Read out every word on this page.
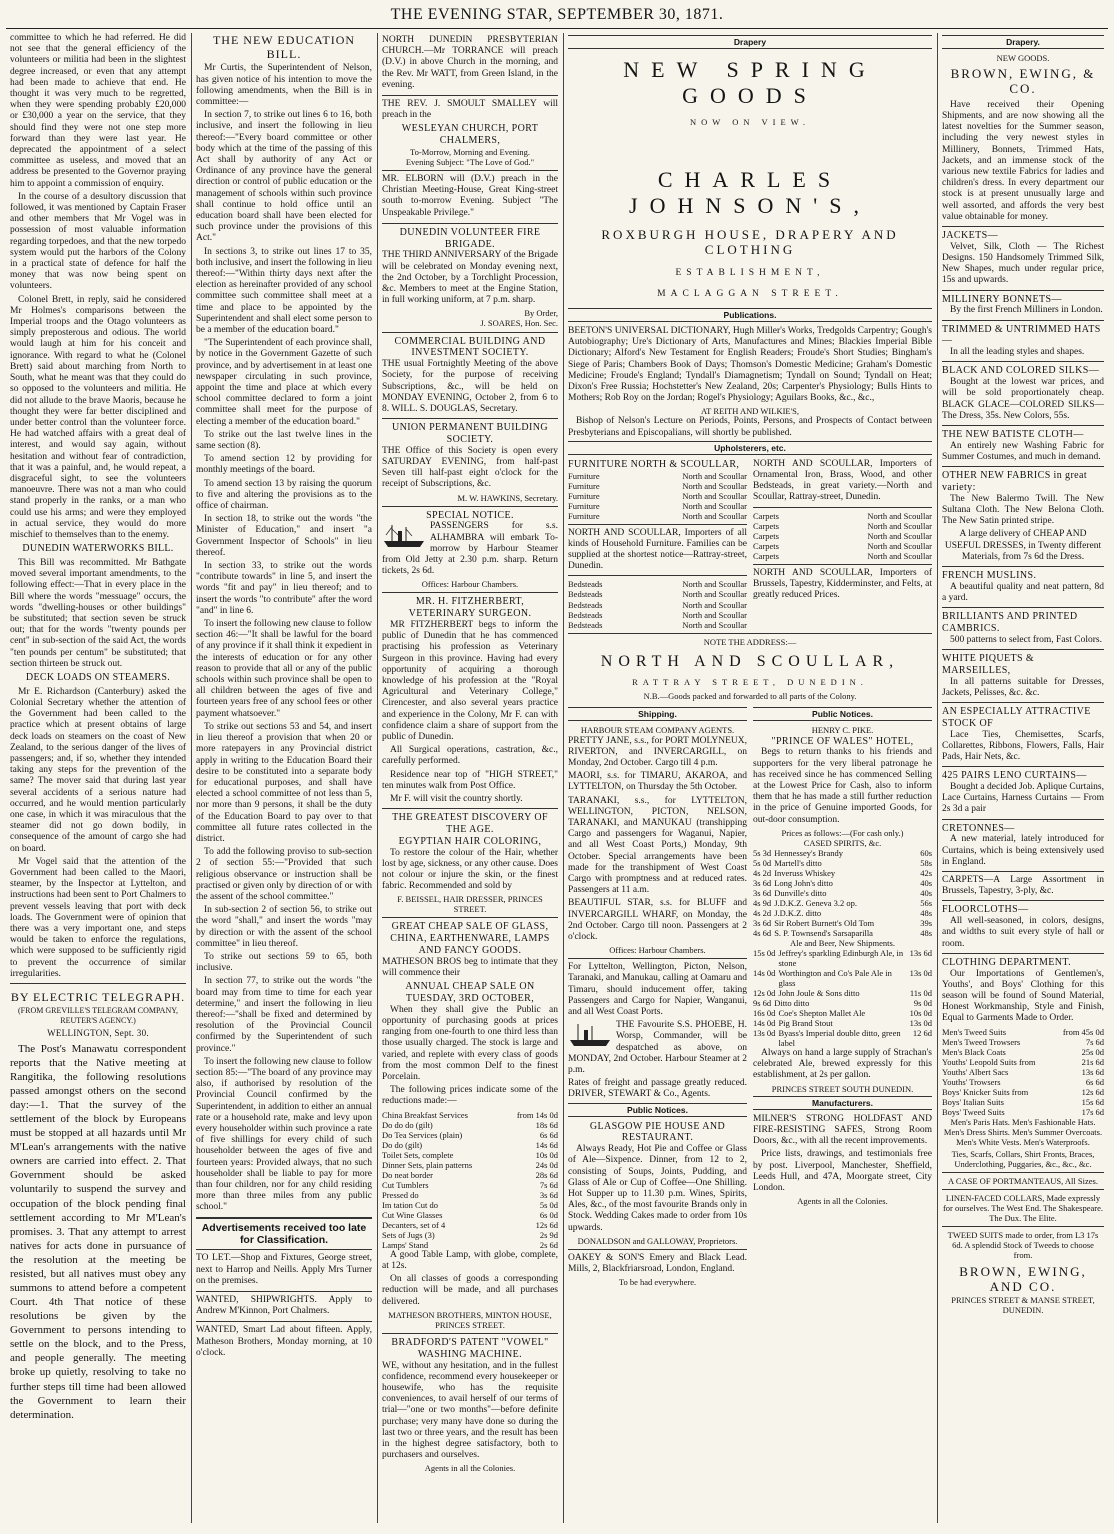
THE EVENING STAR, SEPTEMBER 30, 1871.

committee to which he had referred. He did not see that the general efficiency of the volunteers or militia had been in the slightest degree increased, or even that any attempt had been made to achieve that end. He thought it was very much to be regretted, when they were spending probably £20,000 or £30,000 a year on the service, that they should find they were not one step more forward than they were last year. He deprecated the appointment of a select committee as useless, and moved that an address be presented to the Governor praying him to appoint a commission of enquiry.

In the course of a desultory discussion that followed, it was mentioned by Captain Fraser and other members that Mr Vogel was in possession of most valuable information regarding torpedoes, and that the new torpedo system would put the harbors of the Colony in a practical state of defence for half the money that was now being spent on volunteers.

Colonel Brett, in reply, said he considered Mr Holmes's comparisons between the Imperial troops and the Otago volunteers as simply preposterous and odious. The world would laugh at him for his conceit and ignorance. With regard to what he (Colonel Brett) said about marching from North to South, what he meant was that they could do so opposed to the volunteers and militia. He did not allude to the brave Maoris, because he thought they were far better disciplined and under better control than the volunteer force. He had watched affairs with a great deal of interest, and would say again, without hesitation and without fear of contradiction, that it was a painful, and, he would repeat, a disgraceful sight, to see the volunteers manoeuvre. There was not a man who could stand properly in the ranks, or a man who could use his arms; and were they employed in actual service, they would do more mischief to themselves than to the enemy.

DUNEDIN WATERWORKS BILL.

This Bill was recommitted. Mr Bathgate moved several important amendments, to the following effect:—That in every place in the Bill where the words "messuage" occurs, the words "dwelling-houses or other buildings" be substituted; that section seven be struck out; that for the words "twenty pounds per cent" in sub-section of the said Act, the words "ten pounds per centum" be substituted; that section thirteen be struck out.

DECK LOADS ON STEAMERS.

Mr E. Richardson (Canterbury) asked the Colonial Secretary whether the attention of the Government had been called to the practice which at present obtains of large deck loads on steamers on the coast of New Zealand, to the serious danger of the lives of passengers; and, if so, whether they intended taking any steps for the prevention of the same? The mover said that during last year several accidents of a serious nature had occurred, and he would mention particularly one case, in which it was miraculous that the steamer did not go down bodily, in consequence of the amount of cargo she had on board.

Mr Vogel said that the attention of the Government had been called to the Maori, steamer, by the Inspector at Lyttelton, and instructions had been sent to Port Chalmers to prevent vessels leaving that port with deck loads. The Government were of opinion that there was a very important one, and steps would be taken to enforce the regulations, which were supposed to be sufficiently rigid to prevent the occurrence of similar irregularities.

BY ELECTRIC TELEGRAPH.
(FROM GREVILLE'S TELEGRAM COMPANY, REUTER'S AGENCY.)
WELLINGTON, Sept. 30.

The Post's Manawatu correspondent reports that the Native meeting at Rangitika, the following resolutions passed amongst others on the second day:—1. That the survey of the settlement of the block by Europeans must be stopped at all hazards until Mr M'Lean's arrangements with the native owners are carried into effect. 2. That Government should be asked voluntarily to suspend the survey and occupation of the block pending final settlement according to Mr M'Lean's promises. 3. That any attempt to arrest natives for acts done in pursuance of the resolution at the meeting be resisted, but all natives must obey any summons to attend before a competent Court. 4th That notice of these resolutions be given by the Government to persons intending to settle on the block, and to the Press, and people generally. The meeting broke up quietly, resolving to take no further steps till time had been allowed the Government to learn their determination.

THE NEW EDUCATION BILL.

Mr Curtis, the Superintendent of Nelson, has given notice of his intention to move the following amendments, when the Bill is in committee:—

In section 7, to strike out lines 6 to 16, both inclusive, and insert the following in lieu thereof:—"Every board committee or other body which at the time of the passing of this Act shall by authority of any Act or Ordinance of any province have the general direction or control of public education or the management of schools within such province shall continue to hold office until an education board shall have been elected for such province under the provisions of this Act."

In sections 3, to strike out lines 17 to 35, both inclusive, and insert the following in lieu thereof:—"Within thirty days next after the election as hereinafter provided of any school committee such committee shall meet at a time and place to be appointed by the Superintendent and shall elect some person to be a member of the education board."

"The Superintendent of each province shall, by notice in the Government Gazette of such province, and by advertisement in at least one newspaper circulating in such province, appoint the time and place at which every school committee declared to form a joint committee shall meet for the purpose of electing a member of the education board."

To strike out the last twelve lines in the same section (8).

To amend section 12 by providing for monthly meetings of the board.

To amend section 13 by raising the quorum to five and altering the provisions as to the office of chairman.

In section 18, to strike out the words "the Minister of Education," and insert "a Government Inspector of Schools" in lieu thereof.

In section 33, to strike out the words "contribute towards" in line 5, and insert the words "fit and pay" in lieu thereof; and to insert the words "to contribute" after the word "and" in line 6.

To insert the following new clause to follow section 46:—"It shall be lawful for the board of any province if it shall think it expedient in the interests of education or for any other reason to provide that all or any of the public schools within such province shall be open to all children between the ages of five and fourteen years free of any school fees or other payment whatsoever."

To strike out sections 53 and 54, and insert in lieu thereof a provision that when 20 or more ratepayers in any Provincial district apply in writing to the Education Board their desire to be constituted into a separate body for educational purposes, and shall have elected a school committee of not less than 5, nor more than 9 persons, it shall be the duty of the Education Board to pay over to that committee all future rates collected in the district.

To add the following proviso to sub-section 2 of section 55:—"Provided that such religious observance or instruction shall be practised or given only by direction of or with the assent of the school committee."

In sub-section 2 of section 56, to strike out the word "shall," and insert the words "may by direction or with the assent of the school committee" in lieu thereof.

To strike out sections 59 to 65, both inclusive.

In section 77, to strike out the words "the board may from time to time for each year determine," and insert the following in lieu thereof:—"shall be fixed and determined by resolution of the Provincial Council confirmed by the Superintendent of such province."

To insert the following new clause to follow section 85:—"The board of any province may also, if authorised by resolution of the Provincial Council confirmed by the Superintendent, in addition to either an annual rate or a household rate, make and levy upon every householder within such province a rate of five shillings for every child of such householder between the ages of five and fourteen years: Provided always, that no such householder shall be liable to pay for more than four children, nor for any child residing more than three miles from any public school."

Advertisements received too late for Classification.

TO LET.—Shop and Fixtures, George street, next to Harrop and Neills. Apply Mrs Turner on the premises.

WANTED, SHIPWRIGHTS. Apply to Andrew M'Kinnon, Port Chalmers.

WANTED, Smart Lad about fifteen. Apply, Matheson Brothers, Monday morning, at 10 o'clock.

NORTH DUNEDIN PRESBYTERIAN CHURCH.—Mr TORRANCE will preach (D.V.) in above Church in the morning, and the Rev. Mr WATT, from Green Island, in the evening.

THE REV. J. SMOULT SMALLEY will preach in the

WESLEYAN CHURCH, PORT CHALMERS,
To-Morrow, Morning and Evening.
Evening Subject: "The Love of God."

MR. ELBORN will (D.V.) preach in the Christian Meeting-House, Great King-street south to-morrow Evening. Subject "The Unspeakable Privilege."

DUNEDIN VOLUNTEER FIRE BRIGADE.

THE THIRD ANNIVERSARY of the Brigade will be celebrated on Monday evening next, the 2nd October, by a Torchlight Procession, &c. Members to meet at the Engine Station, in full working uniform, at 7 p.m. sharp.

By Order,
J. SOARES, Hon. Sec.
COMMERCIAL BUILDING AND INVESTMENT SOCIETY.

THE usual Fortnightly Meeting of the above Society, for the purpose of receiving Subscriptions, &c., will be held on MONDAY EVENING, October 2, from 6 to 8. WILL. S. DOUGLAS, Secretary.

UNION PERMANENT BUILDING SOCIETY.

THE Office of this Society is open every SATURDAY EVENING, from half-past Seven till half-past eight o'clock for the receipt of Subscriptions, &c.

M. W. HAWKINS, Secretary.
SPECIAL NOTICE.

PASSENGERS for s.s. ALHAMBRA will embark To-morrow by Harbour Steamer from Old Jetty at 2.30 p.m. sharp. Return tickets, 2s 6d.

Offices: Harbour Chambers.
MR. H. FITZHERBERT, VETERINARY SURGEON.

MR FITZHERBERT begs to inform the public of Dunedin that he has commenced practising his profession as Veterinary Surgeon in this province. Having had every opportunity of acquiring a thorough knowledge of his profession at the "Royal Agricultural and Veterinary College," Cirencester, and also several years practice and experience in the Colony, Mr F. can with confidence claim a share of support from the public of Dunedin.

All Surgical operations, castration, &c., carefully performed.

Residence near top of "HIGH STREET," ten minutes walk from Post Office.

Mr F. will visit the country shortly.

THE GREATEST DISCOVERY OF THE AGE.
EGYPTIAN HAIR COLORING,

To restore the colour of the Hair, whether lost by age, sickness, or any other cause. Does not colour or injure the skin, or the finest fabric. Recommended and sold by

F. BEISSEL, HAIR DRESSER, PRINCES STREET.
GREAT CHEAP SALE OF GLASS, CHINA, EARTHENWARE, LAMPS AND FANCY GOODS.

MATHESON BROS beg to intimate that they will commence their

ANNUAL CHEAP SALE ON TUESDAY, 3RD OCTOBER,

When they shall give the Public an opportunity of purchasing goods at prices ranging from one-fourth to one third less than those usually charged. The stock is large and varied, and replete with every class of goods from the most common Delf to the finest Porcelain.

The following prices indicate some of the reductions made:—

China Breakfast Services	from 14s 0d
Do do do (gilt)	18s 6d
Do Tea Services (plain)	6s 6d
Do do (gilt)	14s 6d
Toilet Sets, complete	10s 0d
Dinner Sets, plain patterns	24s 0d
Do neat border	28s 6d
Cut Tumblers	7s 6d
Pressed do	3s 6d
Im tation Cut do	5s 0d
Cut Wine Glasses	6s 0d
Decanters, set of 4	12s 6d
Sets of Jugs (3)	2s 9d
Lamps' Stand	2s 6d

A good Table Lamp, with globe, complete, at 12s.

On all classes of goods a corresponding reduction will be made, and all purchases delivered.

MATHESON BROTHERS, MINTON HOUSE, PRINCES STREET.
BRADFORD'S PATENT "VOWEL" WASHING MACHINE.

WE, without any hesitation, and in the fullest confidence, recommend every housekeeper or housewife, who has the requisite conveniences, to avail herself of our terms of trial—"one or two months"—before definite purchase; very many have done so during the last two or three years, and the result has been in the highest degree satisfactory, both to purchasers and ourselves.

Agents in all the Colonies.
Drapery
NEW SPRING GOODS
NOW ON VIEW.
CHARLES JOHNSON'S,
ROXBURGH HOUSE, DRAPERY AND CLOTHING
ESTABLISHMENT,
MACLAGGAN STREET.
Publications.

BEETON'S UNIVERSAL DICTIONARY, Hugh Miller's Works, Tredgolds Carpentry; Gough's Autobiography; Ure's Dictionary of Arts, Manufactures and Mines; Blackies Imperial Bible Dictionary; Alford's New Testament for English Readers; Froude's Short Studies; Bingham's Siege of Paris; Chambers Book of Days; Thomson's Domestic Medicine; Graham's Domestic Medicine; Froude's England; Tyndall's Diamagnetism; Tyndall on Sound; Tyndall on Heat; Dixon's Free Russia; Hochstetter's New Zealand, 20s; Carpenter's Physiology; Bulls Hints to Mothers; Rob Roy on the Jordan; Rogel's Physiology; Aguilars Books, &c., &c.,

AT REITH AND WILKIE'S,

Bishop of Nelson's Lecture on Periods, Points, Persons, and Prospects of Contact between Presbyterians and Episcopalians, will shortly be published.

Upholsterers, etc.
FURNITURE NORTH & SCOULLAR,
Furniture	North and Scoullar
Furniture	North and Scoullar
Furniture	North and Scoullar
Furniture	North and Scoullar
Furniture	North and Scoullar

NORTH AND SCOULLAR, Importers of all kinds of Household Furniture. Families can be supplied at the shortest notice—Rattray-street, Dunedin.

Bedsteads	North and Scoullar
Bedsteads	North and Scoullar
Bedsteads	North and Scoullar
Bedsteads	North and Scoullar
Bedsteads	North and Scoullar

NORTH AND SCOULLAR, Importers of Ornamental Iron, Brass, Wood, and other Bedsteads, in great variety.—North and Scoullar, Rattray-street, Dunedin.

Carpets	North and Scoullar
Carpets	North and Scoullar
Carpets	North and Scoullar
Carpets	North and Scoullar
Carpets	North and Scoullar

NORTH AND SCOULLAR, Importers of Brussels, Tapestry, Kidderminster, and Felts, at greatly reduced Prices.

NOTE THE ADDRESS:—
NORTH AND SCOULLAR,
RATTRAY STREET, DUNEDIN.
N.B.—Goods packed and forwarded to all parts of the Colony.
Shipping.
HARBOUR STEAM COMPANY AGENTS.

PRETTY JANE, s.s., for PORT MOLYNEUX, RIVERTON, and INVERCARGILL, on Monday, 2nd October. Cargo till 4 p.m.

MAORI, s.s. for TIMARU, AKAROA, and LYTTELTON, on Thursday the 5th October.

TARANAKI, s.s., for LYTTELTON, WELLINGTON, PICTON, NELSON, TARANAKI, and MANUKAU (transhipping Cargo and passengers for Waganui, Napier, and all West Coast Ports,) Monday, 9th October. Special arrangements have been made for the transhipment of West Coast Cargo with promptness and at reduced rates. Passengers at 11 a.m.

BEAUTIFUL STAR, s.s. for BLUFF and INVERCARGILL WHARF, on Monday, the 2nd October. Cargo till noon. Passengers at 2 o'clock.

Offices: Harbour Chambers.

For Lyttelton, Wellington, Picton, Nelson, Taranaki, and Manukau, calling at Oamaru and Timaru, should inducement offer, taking Passengers and Cargo for Napier, Wanganui, and all West Coast Ports.

THE Favourite S.S. PHOEBE, H. Worsp, Commander, will be despatched as above, on MONDAY, 2nd October. Harbour Steamer at 2 p.m.

Rates of freight and passage greatly reduced. DRIVER, STEWART & Co., Agents.

Public Notices.
GLASGOW PIE HOUSE AND RESTAURANT.

Always Ready, Hot Pie and Coffee or Glass of Ale—Sixpence. Dinner, from 12 to 2, consisting of Soups, Joints, Pudding, and Glass of Ale or Cup of Coffee—One Shilling. Hot Supper up to 11.30 p.m. Wines, Spirits, Ales, &c., of the most favourite Brands only in Stock. Wedding Cakes made to order from 10s upwards.

DONALDSON and GALLOWAY, Proprietors.

OAKEY & SON'S Emery and Black Lead. Mills, 2, Blackfriarsroad, London, England.

To be had everywhere.
Public Notices.
HENRY C. PIKE.
"PRINCE OF WALES" HOTEL,

Begs to return thanks to his friends and supporters for the very liberal patronage he has received since he has commenced Selling at the Lowest Price for Cash, also to inform them that he has made a still further reduction in the price of Genuine imported Goods, for out-door consumption.

Prices as follows:—(For cash only.)
CASED SPIRITS, &c.
5s 3d Hennessey's Brandy	60s
5s 0d Martell's ditto	58s
4s 2d Inveruss Whiskey	42s
3s 6d Long John's ditto	40s
3s 6d Dunville's ditto	40s
4s 9d J.D.K.Z. Geneva 3.2 op.	56s
4s 2d J.D.K.Z. ditto	48s
3s 6d Sir Robert Burnett's Old Tom	39s
4s 6d S. P. Townsend's Sarsaparilla	48s
Ale and Beer, New Shipments.
15s 0d Jeffrey's sparkling Edinburgh Ale, in stone
13s 6d
14s 0d Worthington and Co's Pale Ale in glass
13s 0d
12s 0d John Joule & Sons ditto	11s 0d
9s 6d Ditto ditto	9s 0d
16s 0d Coe's Shepton Mallet Ale	10s 0d
14s 0d Pig Brand Stout	13s 0d
13s 0d Byass's Imperial double ditto, green label
12 6d

Always on hand a large supply of Strachan's celebrated Ale, brewed expressly for this establishment, at 2s per gallon.

PRINCES STREET SOUTH DUNEDIN.
Manufacturers.

MILNER'S STRONG HOLDFAST AND FIRE-RESISTING SAFES, Strong Room Doors, &c., with all the recent improvements.

Price lists, drawings, and testimonials free by post. Liverpool, Manchester, Sheffield, Leeds Hull, and 47A, Moorgate street, City London.

Agents in all the Colonies.
Drapery.
NEW GOODS.
BROWN, EWING, & CO.

Have received their Opening Shipments, and are now showing all the latest novelties for the Summer season, including the very newest styles in Millinery, Bonnets, Trimmed Hats, Jackets, and an immense stock of the various new textile Fabrics for ladies and children's dress. In every department our stock is at present unusually large and well assorted, and affords the very best value obtainable for money.

JACKETS—

Velvet, Silk, Cloth — The Richest Designs. 150 Handsomely Trimmed Silk, New Shapes, much under regular price, 15s and upwards.

MILLINERY BONNETS—

By the first French Milliners in London.

TRIMMED & UNTRIMMED HATS—

In all the leading styles and shapes.

BLACK AND COLORED SILKS—

Bought at the lowest war prices, and will be sold proportionately cheap. BLACK GLACE—COLORED SILKS—The Dress, 35s. New Colors, 55s.

THE NEW BATISTE CLOTH—

An entirely new Washing Fabric for Summer Costumes, and much in demand.

OTHER NEW FABRICS in great variety:

The New Balermo Twill. The New Sultana Cloth. The New Belona Cloth. The New Satin printed stripe.

A large delivery of CHEAP AND USEFUL DRESSES, in Twenty different Materials, from 7s 6d the Dress.

FRENCH MUSLINS.

A beautiful quality and neat pattern, 8d a yard.

BRILLIANTS AND PRINTED CAMBRICS.

500 patterns to select from, Fast Colors.

WHITE PIQUETS & MARSEILLES,

In all patterns suitable for Dresses, Jackets, Pelisses, &c. &c.

AN ESPECIALLY ATTRACTIVE STOCK OF

Lace Ties, Chemisettes, Scarfs, Collarettes, Ribbons, Flowers, Falls, Hair Pads, Hair Nets, &c.

425 PAIRS LENO CURTAINS—

Bought a decided Job. Aplique Curtains, Lace Curtains, Harness Curtains — From 2s 3d a pair

CRETONNES—

A new material, lately introduced for Curtains, which is being extensively used in England.

CARPETS—A Large Assortment in Brussels, Tapestry, 3-ply, &c.

FLOORCLOTHS—

All well-seasoned, in colors, designs, and widths to suit every style of hall or room.

CLOTHING DEPARTMENT.

Our Importations of Gentlemen's, Youths', and Boys' Clothing for this season will be found of Sound Material, Honest Workmanship, Style and Finish, Equal to Garments Made to Order.

Men's Tweed Suits	from 45s 0d
Men's Tweed Trowsers	7s 6d
Men's Black Coats	25s 0d
Youths' Leopold Suits from	21s 6d
Youths' Albert Sacs	13s 6d
Youths' Trowsers	6s 6d
Boys' Knicker Suits from	12s 6d
Boys' Italian Suits	15s 6d
Boys' Tweed Suits	17s 6d

Men's Paris Hats. Men's Fashionable Hats. Men's Dress Shirts. Men's Summer Overcoats. Men's White Vests. Men's Waterproofs.

Ties, Scarfs, Collars, Shirt Fronts, Braces, Underclothing, Puggaries, &c., &c., &c.

A CASE OF PORTMANTEAUS, All Sizes.

LINEN-FACED COLLARS, Made expressly for ourselves. The West End. The Shakespeare. The Dux. The Elite.

TWEED SUITS made to order, from L3 17s 6d. A splendid Stock of Tweeds to choose from.

BROWN, EWING, AND CO.
PRINCES STREET & MANSE STREET, DUNEDIN.
